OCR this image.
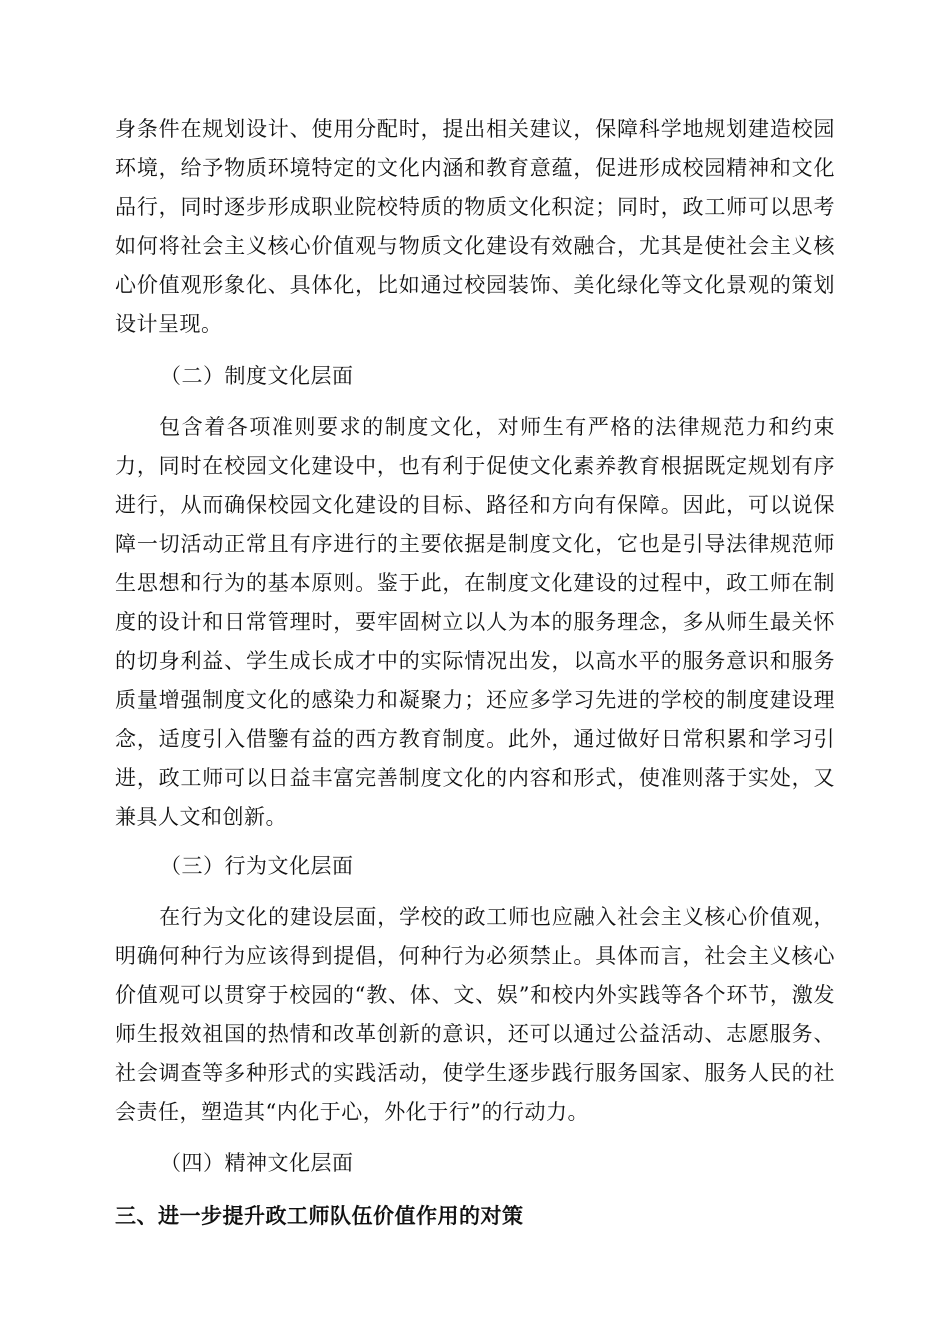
身条件在规划设计、使用分配时，提出相关建议，保障科学地规划建造校园环境，给予物质环境特定的文化内涵和教育意蕴，促进形成校园精神和文化品行，同时逐步形成职业院校特质的物质文化积淀；同时，政工师可以思考如何将社会主义核心价值观与物质文化建设有效融合，尤其是使社会主义核心价值观形象化、具体化，比如通过校园装饰、美化绿化等文化景观的策划设计呈现。

（二）制度文化层面

包含着各项准则要求的制度文化，对师生有严格的法律规范力和约束力，同时在校园文化建设中，也有利于促使文化素养教育根据既定规划有序进行，从而确保校园文化建设的目标、路径和方向有保障。因此，可以说保障一切活动正常且有序进行的主要依据是制度文化，它也是引导法律规范师生思想和行为的基本原则。鉴于此，在制度文化建设的过程中，政工师在制度的设计和日常管理时，要牢固树立以人为本的服务理念，多从师生最关怀的切身利益、学生成长成才中的实际情况出发，以高水平的服务意识和服务质量增强制度文化的感染力和凝聚力；还应多学习先进的学校的制度建设理念，适度引入借鑒有益的西方教育制度。此外，通过做好日常积累和学习引进，政工师可以日益丰富完善制度文化的内容和形式，使准则落于实处，又兼具人文和创新。

（三）行为文化层面

在行为文化的建设层面，学校的政工师也应融入社会主义核心价值观，明确何种行为应该得到提倡，何种行为必须禁止。具体而言，社会主义核心价值观可以贯穿于校园的“教、体、文、娱”和校内外实践等各个环节，激发师生报效祖国的热情和改革创新的意识，还可以通过公益活动、志愿服务、社会调查等多种形式的实践活动，使学生逐步践行服务国家、服务人民的社会责任，塑造其“内化于心，外化于行”的行动力。

（四）精神文化层面

三、进一步提升政工师队伍价值作用的对策
